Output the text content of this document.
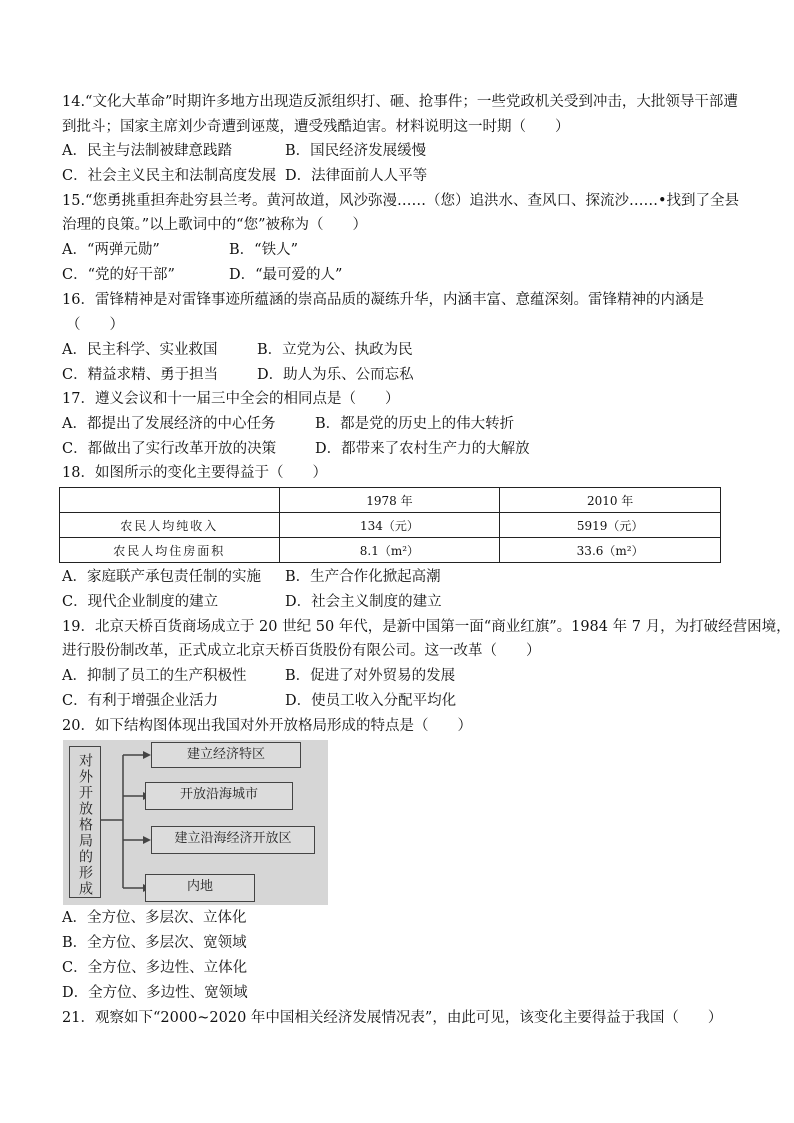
14.“文化大革命”时期许多地方出现造反派组织打、砸、抢事件；一些党政机关受到冲击，大批领导干部遭
到批斗；国家主席刘少奇遭到诬蔑，遭受残酷迫害。材料说明这一时期（　　）
A．民主与法制被肆意践踏	B．国民经济发展缓慢
C．社会主义民主和法制高度发展 D．法律面前人人平等
15.“您勇挑重担奔赴穷县兰考。黄河故道，风沙弥漫……（您）追洪水、查风口、探流沙……•找到了全县
治理的良策。”以上歌词中的“您”被称为（　　）
A．“两弹元勋”	B．“铁人”
C．“党的好干部”	D．“最可爱的人”
16．雷锋精神是对雷锋事迹所蕴涵的崇高品质的凝练升华，内涵丰富、意蕴深刻。雷锋精神的内涵是
（　　）
A．民主科学、实业救国	B．立党为公、执政为民
C．精益求精、勇于担当	D．助人为乐、公而忘私
17．遵义会议和十一届三中全会的相同点是（　　）
A．都提出了发展经济的中心任务	B．都是党的历史上的伟大转折
C．都做出了实行改革开放的决策	D．都带来了农村生产力的大解放
18．如图所示的变化主要得益于（　　）
	1978 年	2010 年
农民人均纯收入	134（元）	5919（元）
农民人均住房面积	8.1（m²）	33.6（m²）
A．家庭联产承包责任制的实施 B．生产合作化掀起高潮
C．现代企业制度的建立	D．社会主义制度的建立
19．北京天桥百货商场成立于 20 世纪 50 年代，是新中国第一面“商业红旗”。1984 年 7 月，为打破经营困境，
进行股份制改革，正式成立北京天桥百货股份有限公司。这一改革（　　）
A．抑制了员工的生产积极性	B．促进了对外贸易的发展
C．有利于增强企业活力	D．使员工收入分配平均化
20．如下结构图体现出我国对外开放格局形成的特点是（　　）
对外开放格局的形成	建立经济特区
开放沿海城市
建立沿海经济开放区
内地
A．全方位、多层次、立体化
B．全方位、多层次、宽领域
C．全方位、多边性、立体化
D．全方位、多边性、宽领域
21．观察如下“2000~2020 年中国相关经济发展情况表”，由此可见，该变化主要得益于我国（　　）
